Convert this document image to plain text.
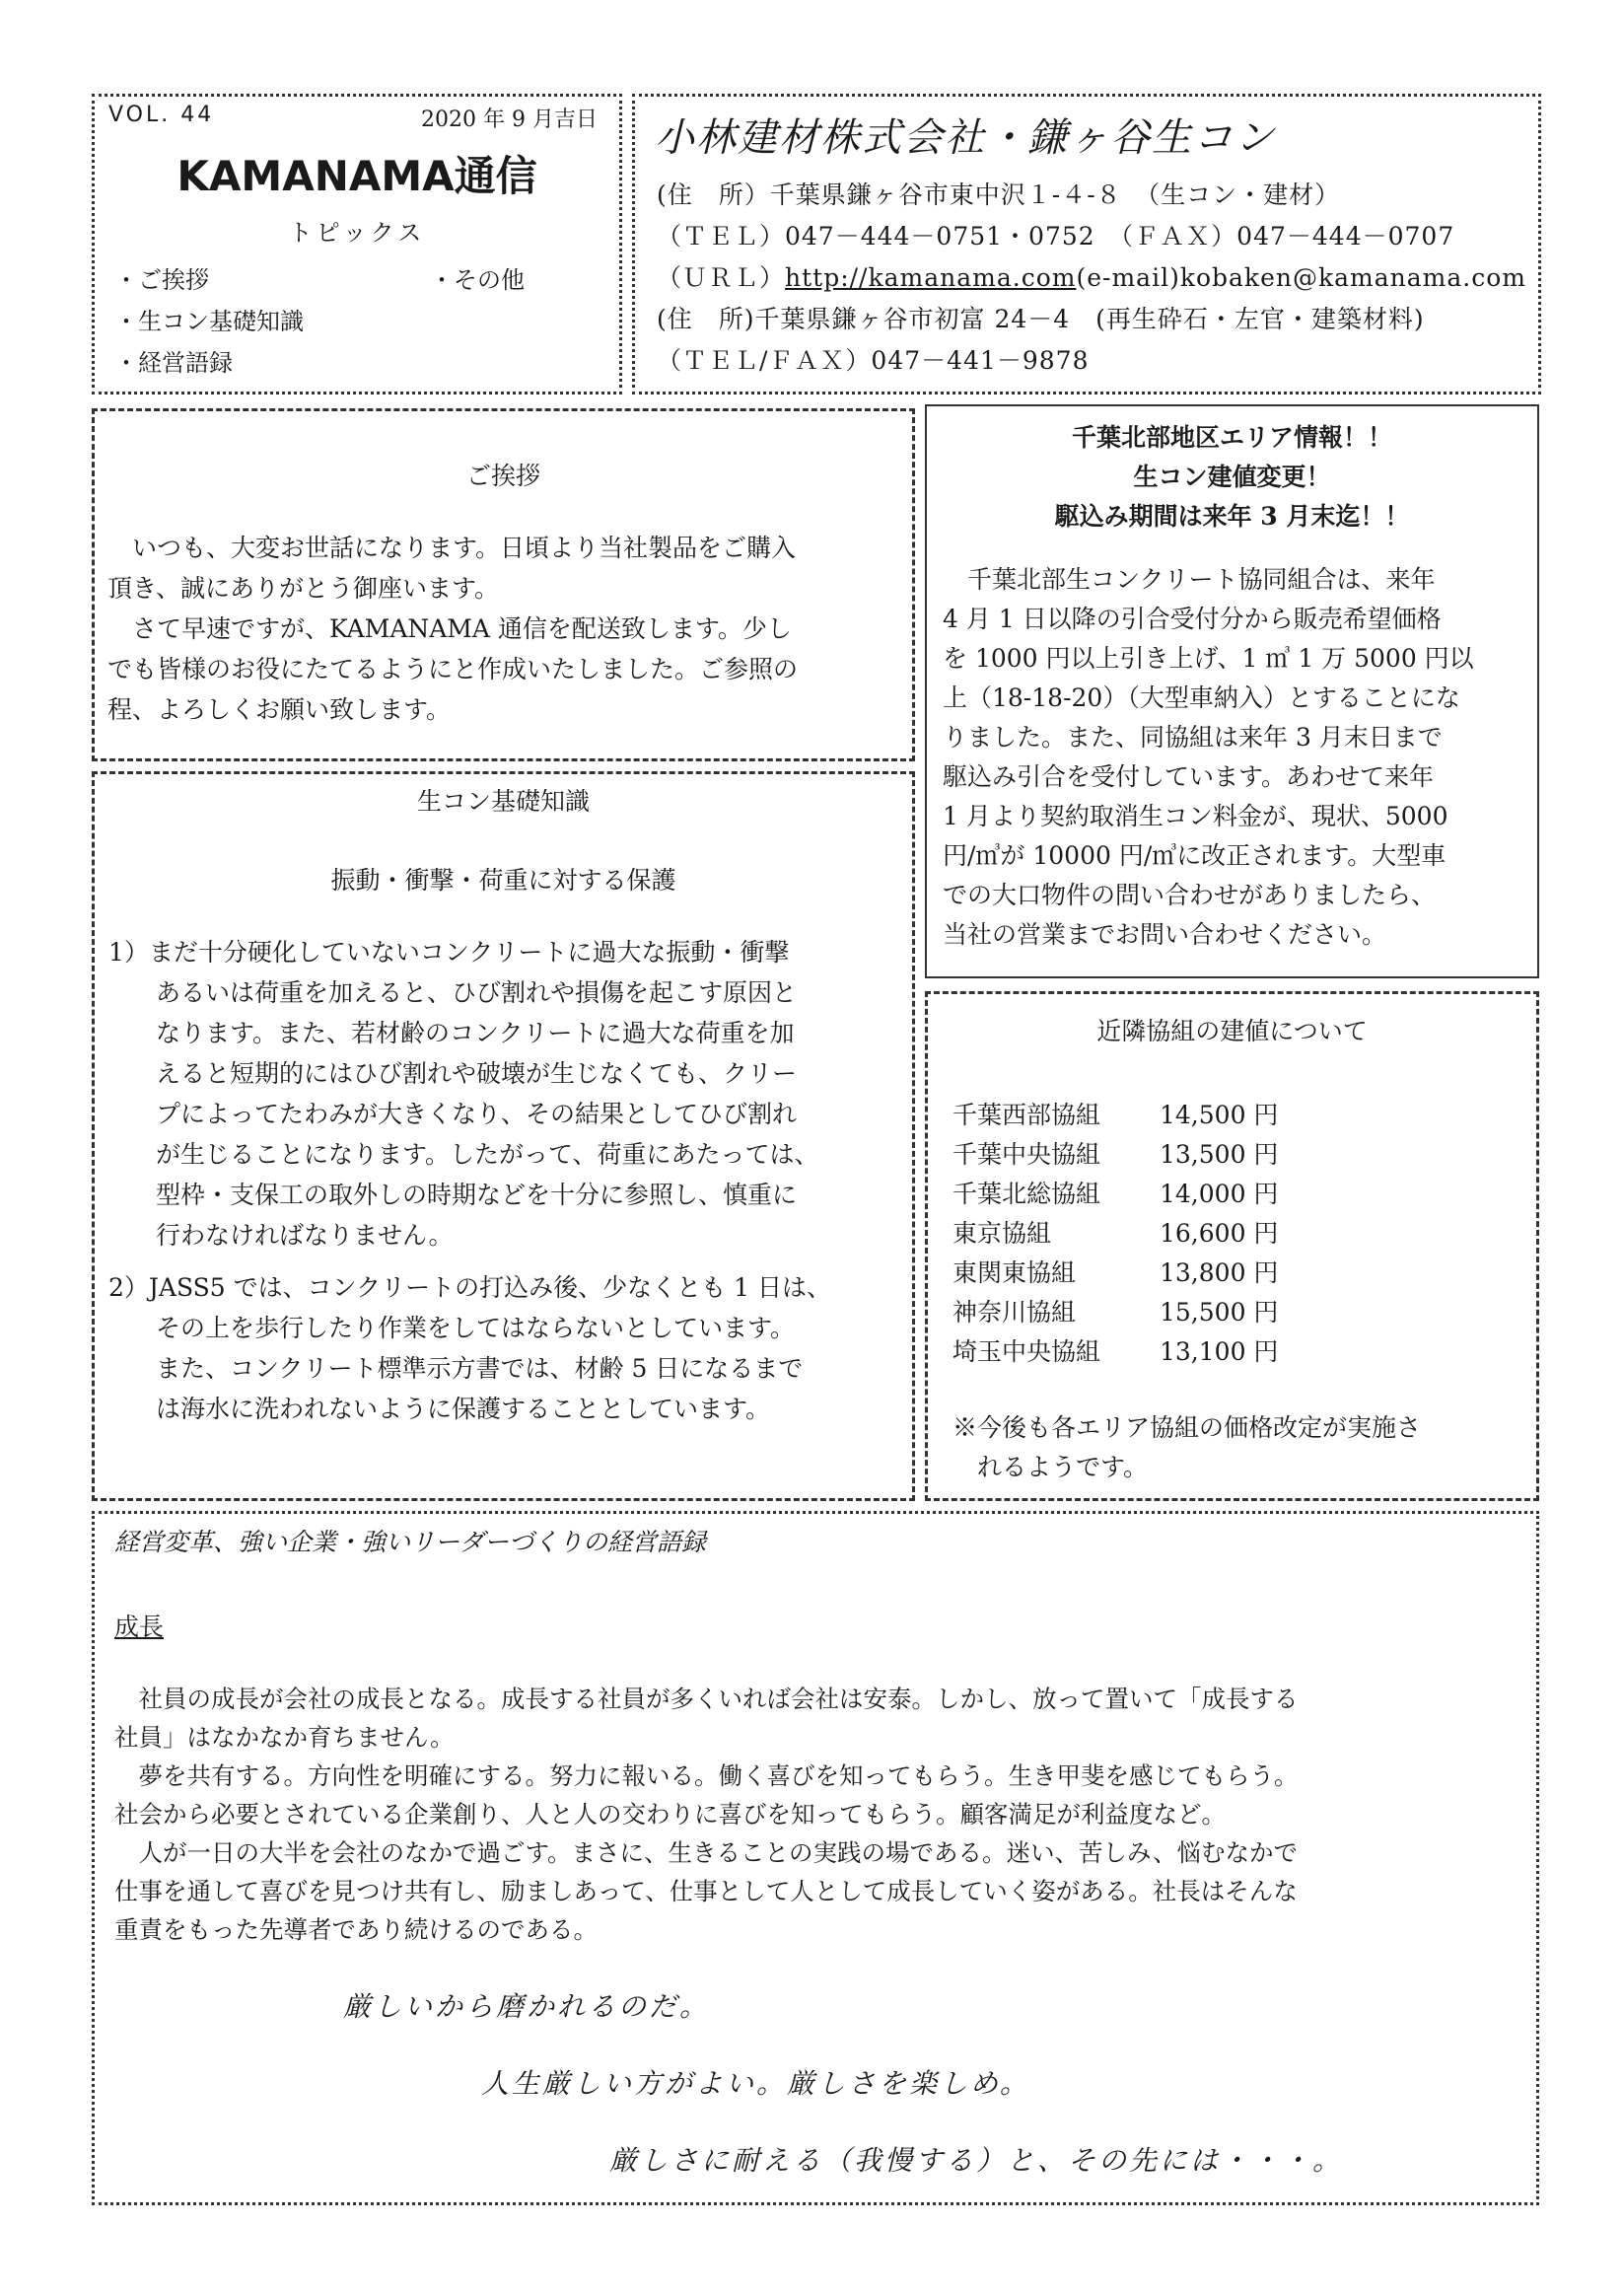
VOL. 44	2020 年 9 月吉日
KAMANAMA通信
トピックス
・ご挨拶	・その他
・生コン基礎知識
・経営語録
小林建材株式会社・鎌ヶ谷生コン
(住　所）千葉県鎌ヶ谷市東中沢１-４-８　（生コン・建材）
（ＴＥＬ）047－444－0751・0752　（ＦＡＸ）047－444－0707
（ＵＲＬ）http://kamanama.com(e-mail)kobaken@kamanama.com
(住　所)千葉県鎌ヶ谷市初富 24－4　(再生砕石・左官・建築材料)
（ＴＥＬ/ＦＡＸ）047－441－9878
ご挨拶

いつも、大変お世話になります。日頃より当社製品をご購入

頂き、誠にありがとう御座います。

さて早速ですが、KAMANAMA 通信を配送致します。少し

でも皆様のお役にたてるようにと作成いたしました。ご参照の

程、よろしくお願い致します。

生コン基礎知識
振動・衝撃・荷重に対する保護

1）まだ十分硬化していないコンクリートに過大な振動・衝撃

あるいは荷重を加えると、ひび割れや損傷を起こす原因と

なります。また、若材齢のコンクリートに過大な荷重を加

えると短期的にはひび割れや破壊が生じなくても、クリー

プによってたわみが大きくなり、その結果としてひび割れ

が生じることになります。したがって、荷重にあたっては、

型枠・支保工の取外しの時期などを十分に参照し、慎重に

行わなければなりません。

2）JASS5 では、コンクリートの打込み後、少なくとも 1 日は、

その上を歩行したり作業をしてはならないとしています。

また、コンクリート標準示方書では、材齢 5 日になるまで

は海水に洗われないように保護することとしています。

千葉北部地区エリア情報！！
生コン建値変更！
駆込み期間は来年 3 月末迄！！

千葉北部生コンクリート協同組合は、来年

4 月 1 日以降の引合受付分から販売希望価格

を 1000 円以上引き上げ、1 ㎥ 1 万 5000 円以

上（18-18-20）（大型車納入）とすることにな

りました。また、同協組は来年 3 月末日まで

駆込み引合を受付しています。あわせて来年

1 月より契約取消生コン料金が、現状、5000

円/㎥が 10000 円/㎥に改正されます。大型車

での大口物件の問い合わせがありましたら、

当社の営業までお問い合わせください。

近隣協組の建値について
千葉西部協組 14,500 円
千葉中央協組 13,500 円
千葉北総協組 14,000 円
東京協組	16,600 円
東関東協組	13,800 円
神奈川協組	15,500 円
埼玉中央協組 13,100 円

※今後も各エリア協組の価格改定が実施さ

れるようです。

経営変革、強い企業・強いリーダーづくりの経営語録
成長

社員の成長が会社の成長となる。成長する社員が多くいれば会社は安泰。しかし、放って置いて「成長する

社員」はなかなか育ちません。

夢を共有する。方向性を明確にする。努力に報いる。働く喜びを知ってもらう。生き甲斐を感じてもらう。

社会から必要とされている企業創り、人と人の交わりに喜びを知ってもらう。顧客満足が利益度など。

人が一日の大半を会社のなかで過ごす。まさに、生きることの実践の場である。迷い、苦しみ、悩むなかで

仕事を通して喜びを見つけ共有し、励ましあって、仕事として人として成長していく姿がある。社長はそんな

重責をもった先導者であり続けるのである。

厳しいから磨かれるのだ。
人生厳しい方がよい。厳しさを楽しめ。
厳しさに耐える（我慢する）と、その先には・・・。
